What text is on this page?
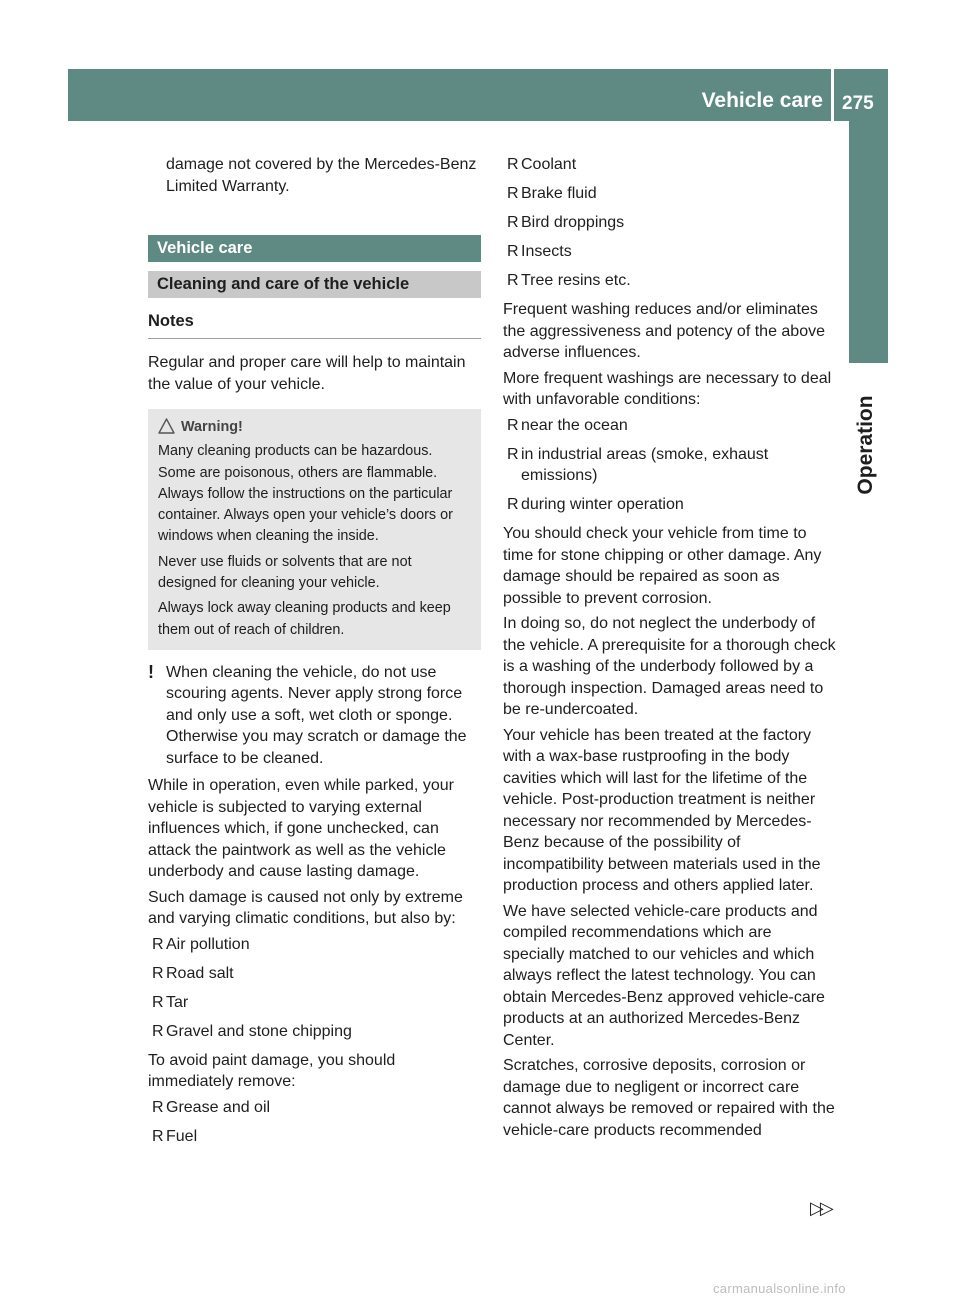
Vehicle care 275
Operation

damage not covered by the Mercedes-Benz Limited Warranty.

Vehicle care
Cleaning and care of the vehicle
Notes

Regular and proper care will help to maintain the value of your vehicle.

Warning!

Many cleaning products can be hazardous. Some are poisonous, others are flammable. Always follow the instructions on the particular container. Always open your vehicle’s doors or windows when cleaning the inside.

Never use fluids or solvents that are not designed for cleaning your vehicle.

Always lock away cleaning products and keep them out of reach of children.

! When cleaning the vehicle, do not use scouring agents. Never apply strong force and only use a soft, wet cloth or sponge. Otherwise you may scratch or damage the surface to be cleaned.

While in operation, even while parked, your vehicle is subjected to varying external influences which, if gone unchecked, can attack the paintwork as well as the vehicle underbody and cause lasting damage.

Such damage is caused not only by extreme and varying climatic conditions, but also by:

R Air pollution
R Road salt
R Tar
R Gravel and stone chipping

To avoid paint damage, you should immediately remove:

R Grease and oil
R Fuel
R Coolant
R Brake fluid
R Bird droppings
R Insects
R Tree resins etc.

Frequent washing reduces and/or eliminates the aggressiveness and potency of the above adverse influences.

More frequent washings are necessary to deal with unfavorable conditions:

R near the ocean
R in industrial areas (smoke, exhaust emissions)
R during winter operation

You should check your vehicle from time to time for stone chipping or other damage. Any damage should be repaired as soon as possible to prevent corrosion.

In doing so, do not neglect the underbody of the vehicle. A prerequisite for a thorough check is a washing of the underbody followed by a thorough inspection. Damaged areas need to be re-undercoated.

Your vehicle has been treated at the factory with a wax-base rustproofing in the body cavities which will last for the lifetime of the vehicle. Post-production treatment is neither necessary nor recommended by Mercedes-Benz because of the possibility of incompatibility between materials used in the production process and others applied later.

We have selected vehicle-care products and compiled recommendations which are specially matched to our vehicles and which always reflect the latest technology. You can obtain Mercedes-Benz approved vehicle-care products at an authorized Mercedes-Benz Center.

Scratches, corrosive deposits, corrosion or damage due to negligent or incorrect care cannot always be removed or repaired with the vehicle-care products recommended

▷▷
carmanualsonline.info
